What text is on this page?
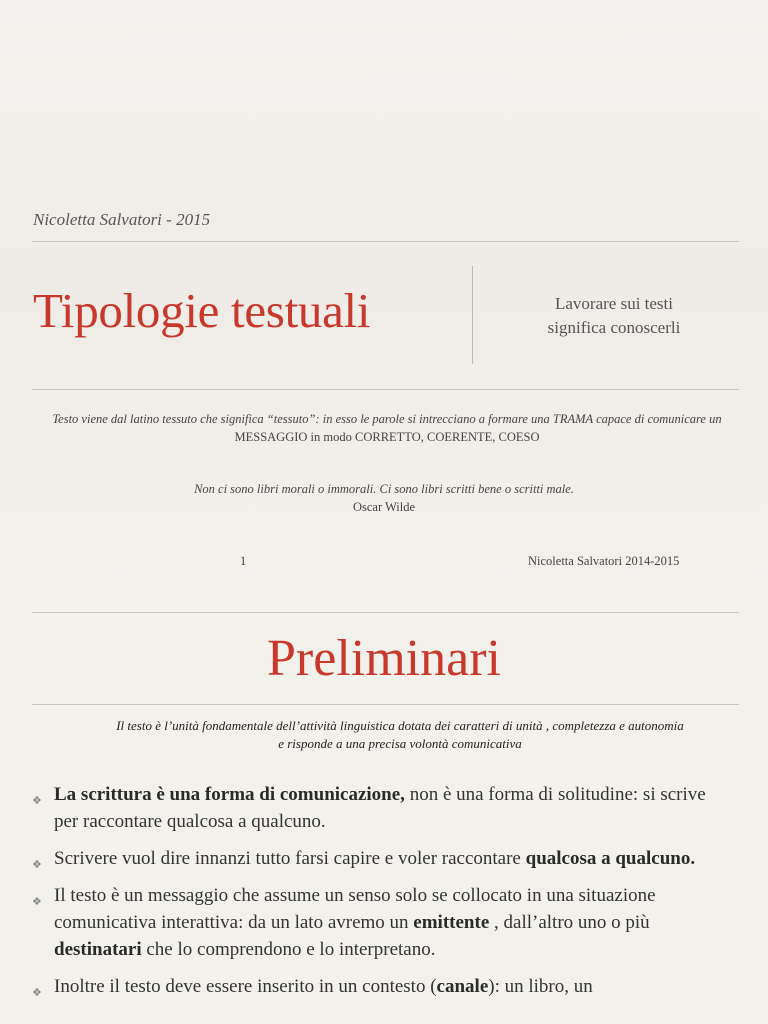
Nicoletta Salvatori - 2015
Tipologie testuali	Lavorare sui testi
significa conoscerli
Testo viene dal latino tessuto che significa “tessuto”: in esso le parole si intrecciano a formare una TRAMA capace di comunicare un
MESSAGGIO in modo CORRETTO, COERENTE, COESO
Non ci sono libri morali o immorali. Ci sono libri scritti bene o scritti male.
Oscar Wilde
1	Nicoletta Salvatori 2014-2015
Preliminari
Il testo è l’unità fondamentale dell’attività linguistica dotata dei caratteri di unità , completezza e autonomia
e risponde a una precisa volontà comunicativa
❖ La scrittura è una forma di comunicazione, non è una forma di solitudine: si scrive per raccontare qualcosa a qualcuno.
❖ Scrivere vuol dire innanzi tutto farsi capire e voler raccontare qualcosa a qualcuno.
❖ Il testo è un messaggio che assume un senso solo se collocato in una situazione comunicativa interattiva: da un lato avremo un emittente , dall’altro uno o più destinatari che lo comprendono e lo interpretano.
❖ Inoltre il testo deve essere inserito in un contesto (canale): un libro, un
